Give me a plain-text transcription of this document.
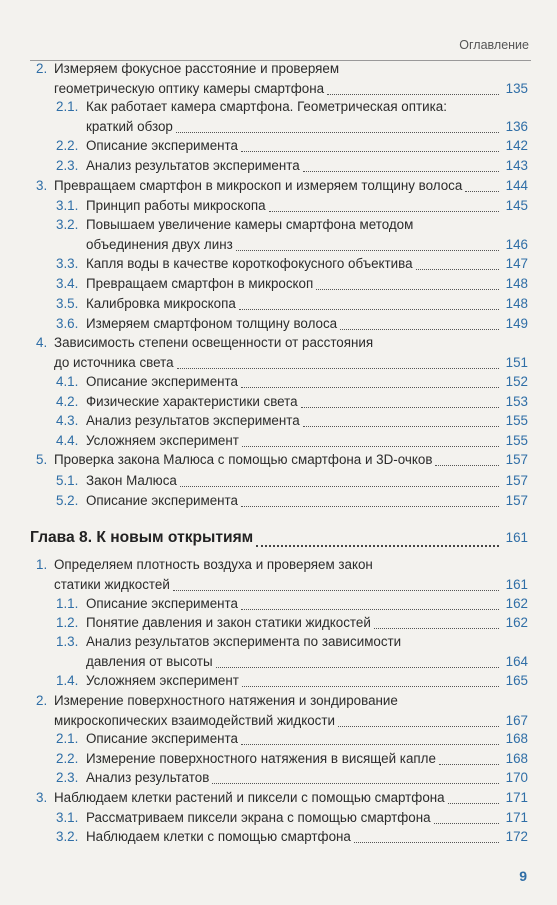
Оглавление
2. Измеряем фокусное расстояние и проверяем
геометрическую оптику камеры смартфона	135
2.1. Как работает камера смартфона. Геометрическая оптика:
краткий обзор	136
2.2. Описание эксперимента	142
2.3. Анализ результатов эксперимента	143
3. Превращаем смартфон в микроскоп и измеряем толщину волоса	144
3.1. Принцип работы микроскопа	145
3.2. Повышаем увеличение камеры смартфона методом
объединения двух линз	146
3.3. Капля воды в качестве короткофокусного объектива	147
3.4. Превращаем смартфон в микроскоп	148
3.5. Калибровка микроскопа	148
3.6. Измеряем смартфоном толщину волоса	149
4. Зависимость степени освещенности от расстояния
до источника света	151
4.1. Описание эксперимента	152
4.2. Физические характеристики света	153
4.3. Анализ результатов эксперимента	155
4.4. Усложняем эксперимент	155
5. Проверка закона Малюса с помощью смартфона и 3D-очков	157
5.1. Закон Малюса	157
5.2. Описание эксперимента	157
Глава 8. К новым открытиям	161
1. Определяем плотность воздуха и проверяем закон
статики жидкостей	161
1.1. Описание эксперимента	162
1.2. Понятие давления и закон статики жидкостей	162
1.3. Анализ результатов эксперимента по зависимости
давления от высоты	164
1.4. Усложняем эксперимент	165
2. Измерение поверхностного натяжения и зондирование
микроскопических взаимодействий жидкости	167
2.1. Описание эксперимента	168
2.2. Измерение поверхностного натяжения в висящей капле	168
2.3. Анализ результатов	170
3. Наблюдаем клетки растений и пиксели с помощью смартфона	171
3.1. Рассматриваем пиксели экрана с помощью смартфона	171
3.2. Наблюдаем клетки с помощью смартфона	172
9
